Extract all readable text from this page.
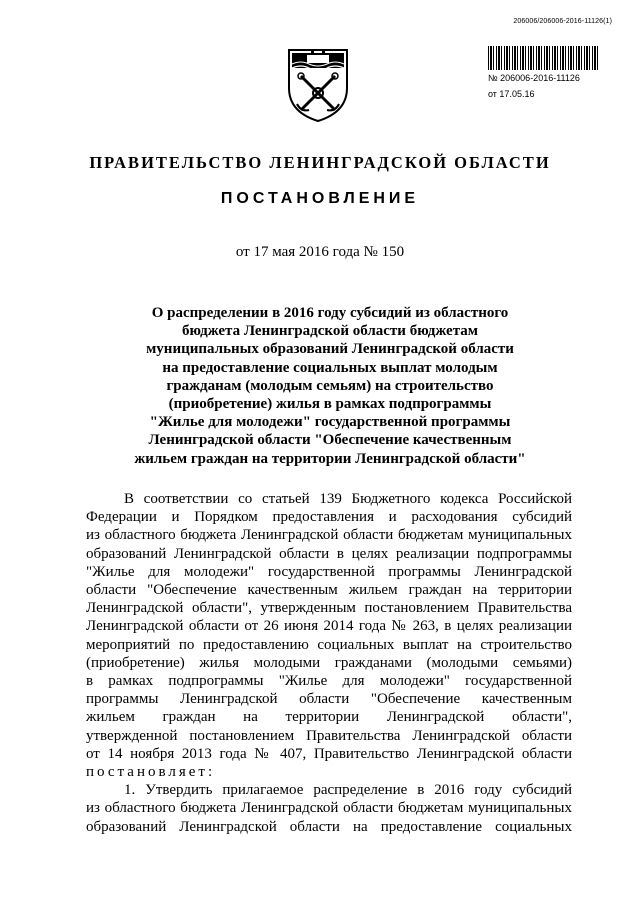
206006/206006-2016-11126(1)
№ 206006-2016-11126
от 17.05.16
ПРАВИТЕЛЬСТВО ЛЕНИНГРАДСКОЙ ОБЛАСТИ
ПОСТАНОВЛЕНИЕ
от 17 мая 2016 года № 150
О распределении в 2016 году субсидий из областного
бюджета Ленинградской области бюджетам
муниципальных образований Ленинградской области
на предоставление социальных выплат молодым
гражданам (молодым семьям) на строительство
(приобретение) жилья в рамках подпрограммы
"Жилье для молодежи" государственной программы
Ленинградской области "Обеспечение качественным
жильем граждан на территории Ленинградской области"
В соответствии со статьей 139 Бюджетного кодекса Российской
Федерации и Порядком предоставления и расходования субсидий
из областного бюджета Ленинградской области бюджетам муниципальных
образований Ленинградской области в целях реализации подпрограммы
"Жилье для молодежи" государственной программы Ленинградской
области "Обеспечение качественным жильем граждан на территории
Ленинградской области", утвержденным постановлением Правительства
Ленинградской области от 26 июня 2014 года № 263, в целях реализации
мероприятий по предоставлению социальных выплат на строительство
(приобретение) жилья молодыми гражданами (молодыми семьями)
в рамках подпрограммы "Жилье для молодежи" государственной
программы Ленинградской области "Обеспечение качественным
жильем граждан на территории Ленинградской области",
утвержденной постановлением Правительства Ленинградской области
от 14 ноября 2013 года № 407, Правительство Ленинградской области
постановляет:
1. Утвердить прилагаемое распределение в 2016 году субсидий
из областного бюджета Ленинградской области бюджетам муниципальных
образований Ленинградской области на предоставление социальных
